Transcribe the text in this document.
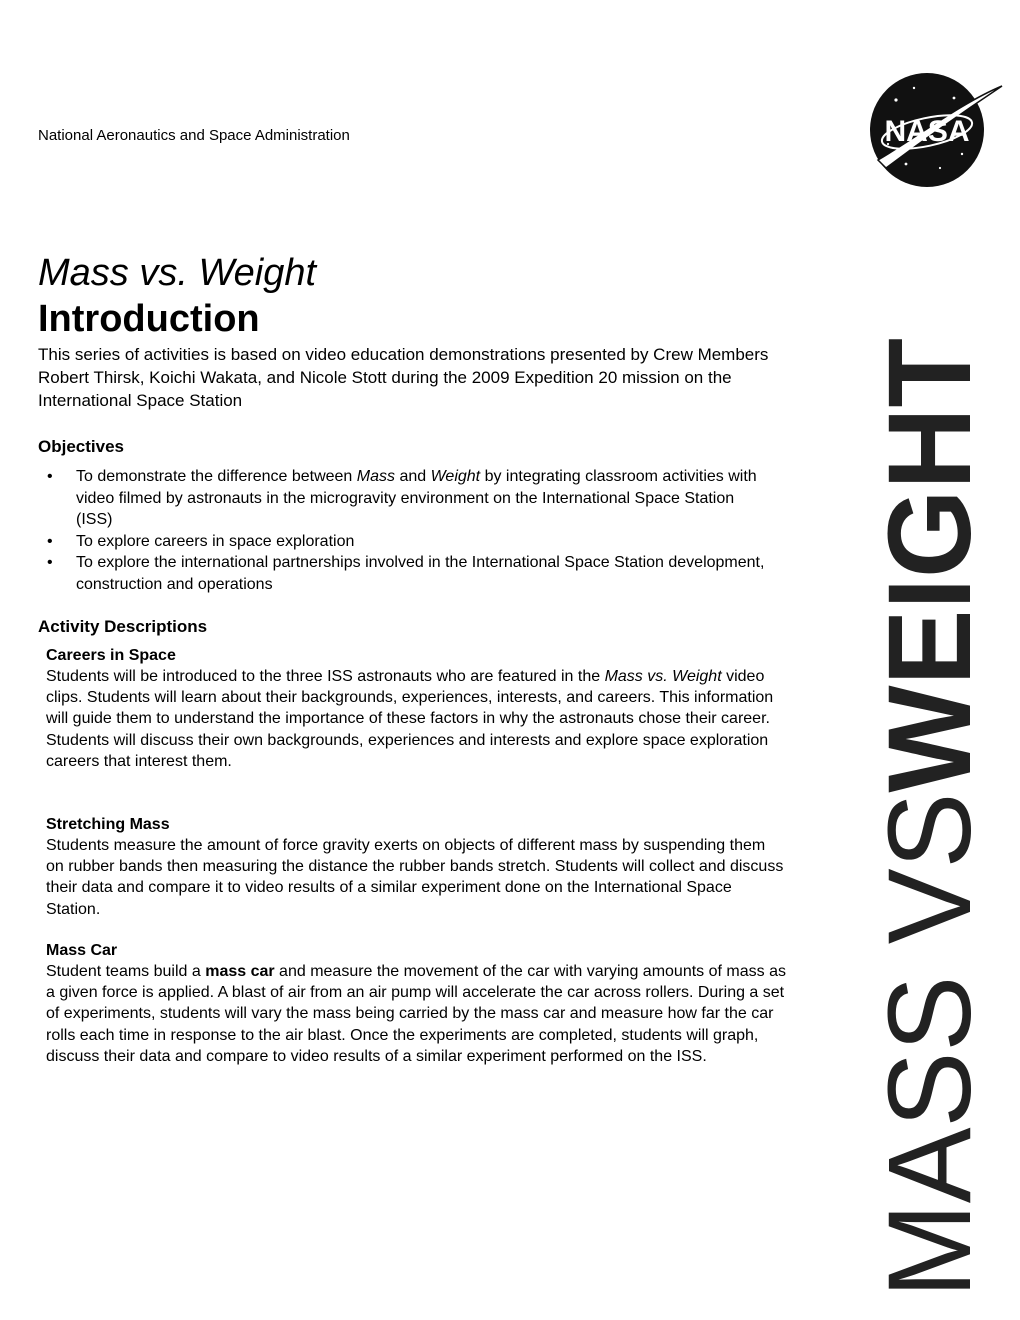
National Aeronautics and Space Administration	NASA
Mass vs. Weight
Introduction

This series of activities is based on video education demonstrations presented by Crew Members Robert Thirsk, Koichi Wakata, and Nicole Stott during the 2009 Expedition 20 mission on the International Space Station

Objectives
• To demonstrate the difference between Mass and Weight by integrating classroom activities with video filmed by astronauts in the microgravity environment on the International Space Station (ISS)
• To explore careers in space exploration
• To explore the international partnerships involved in the International Space Station development, construction and operations
Activity Descriptions
Careers in Space

Students will be introduced to the three ISS astronauts who are featured in the Mass vs. Weight video clips. Students will learn about their backgrounds, experiences, interests, and careers. This information will guide them to understand the importance of these factors in why the astronauts chose their career. Students will discuss their own backgrounds, experiences and interests and explore space exploration careers that interest them.

Stretching Mass

Students measure the amount of force gravity exerts on objects of different mass by suspending them on rubber bands then measuring the distance the rubber bands stretch. Students will collect and discuss their data and compare it to video results of a similar experiment done on the International Space Station.

Mass Car

Student teams build a mass car and measure the movement of the car with varying amounts of mass as a given force is applied. A blast of air from an air pump will accelerate the car across rollers. During a set of experiments, students will vary the mass being carried by the mass car and measure how far the car rolls each time in response to the air blast. Once the experiments are completed, students will graph, discuss their data and compare to video results of a similar experiment performed on the ISS.	MASS VSWEIGHT
